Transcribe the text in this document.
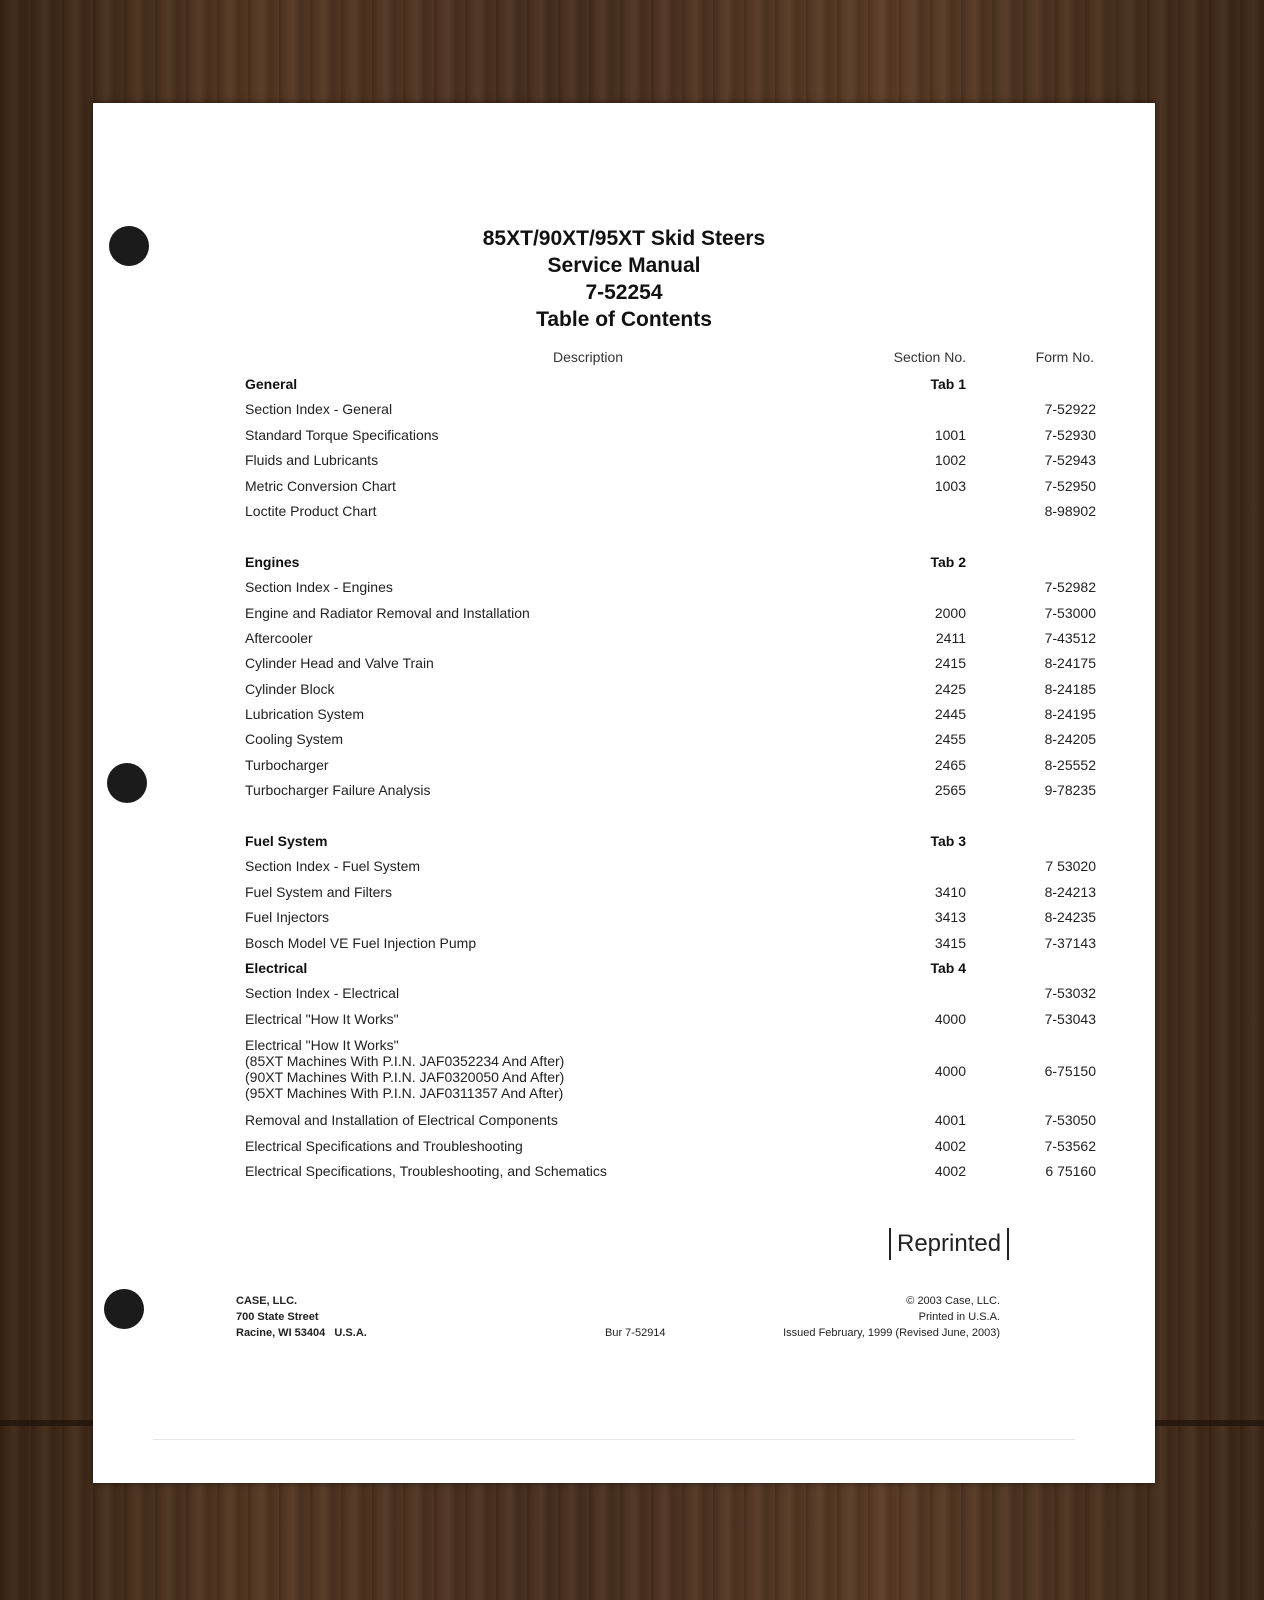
85XT/90XT/95XT Skid Steers
Service Manual
7-52254
Table of Contents
Description	Section No.	Form No.
General	Tab 1
Section Index - General	7-52922
Standard Torque Specifications	1001	7-52930
Fluids and Lubricants	1002	7-52943
Metric Conversion Chart	1003	7-52950
Loctite Product Chart	8-98902
Engines	Tab 2
Section Index - Engines	7-52982
Engine and Radiator Removal and Installation	2000	7-53000
Aftercooler	2411	7-43512
Cylinder Head and Valve Train	2415	8-24175
Cylinder Block	2425	8-24185
Lubrication System	2445	8-24195
Cooling System	2455	8-24205
Turbocharger	2465	8-25552
Turbocharger Failure Analysis	2565	9-78235
Fuel System	Tab 3
Section Index - Fuel System	7 53020
Fuel System and Filters	3410	8-24213
Fuel Injectors	3413	8-24235
Bosch Model VE Fuel Injection Pump	3415	7-37143
Electrical	Tab 4
Section Index - Electrical	7-53032
Electrical "How It Works"	4000	7-53043
Electrical "How It Works"
(85XT Machines With P.I.N. JAF0352234 And After)
(90XT Machines With P.I.N. JAF0320050 And After)
(95XT Machines With P.I.N. JAF0311357 And After)
4000	6-75150
Removal and Installation of Electrical Components	4001	7-53050
Electrical Specifications and Troubleshooting	4002	7-53562
Electrical Specifications, Troubleshooting, and Schematics	4002	6 75160
Reprinted
CASE, LLC.
700 State Street
Racine, WI 53404   U.S.A.	Bur 7-52914
© 2003 Case, LLC.
Printed in U.S.A.
Issued February, 1999 (Revised June, 2003)
